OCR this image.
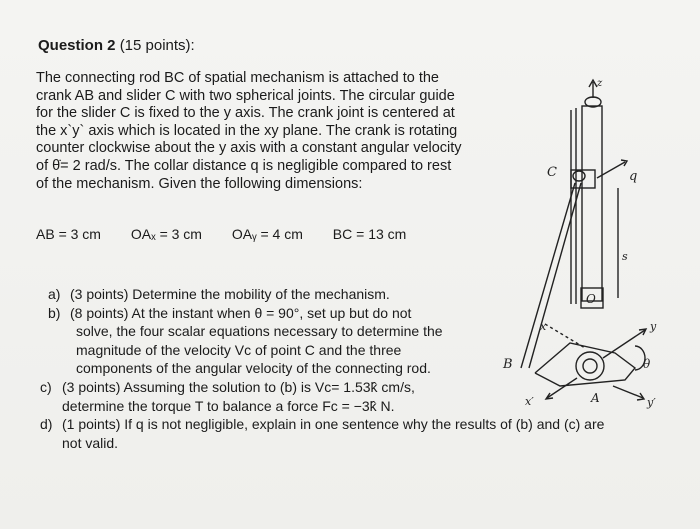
Question 2 (15 points):
The connecting rod BC of spatial mechanism is attached to the
crank AB and slider C with two spherical joints. The circular guide
for the slider C is fixed to the y axis. The crank joint is centered at
the x`y` axis which is located in the xy plane. The crank is rotating
counter clockwise about the y axis with a constant angular velocity
of θ̇= 2 rad/s. The collar distance q is negligible compared to rest
of the mechanism. Given the following dimensions:
AB = 3 cm OAₓ = 3 cm OAᵧ = 4 cm BC = 13 cm
a) (3 points) Determine the mobility of the mechanism.
b) (8 points) At the instant when θ = 90°, set up but do not
solve, the four scalar equations necessary to determine the
magnitude of the velocity Vc of point C and the three
components of the angular velocity of the connecting rod.
c) (3 points) Assuming the solution to (b) is Vc= 1.53k̂ cm/s,
determine the torque T to balance a force Fc = −3k̂ N.
d) (1 points) If q is not negligible, explain in one sentence why the results of (b) and (c) are
not valid.
z
C	q
s
O
x	y
B	θ
x′	A	y′
